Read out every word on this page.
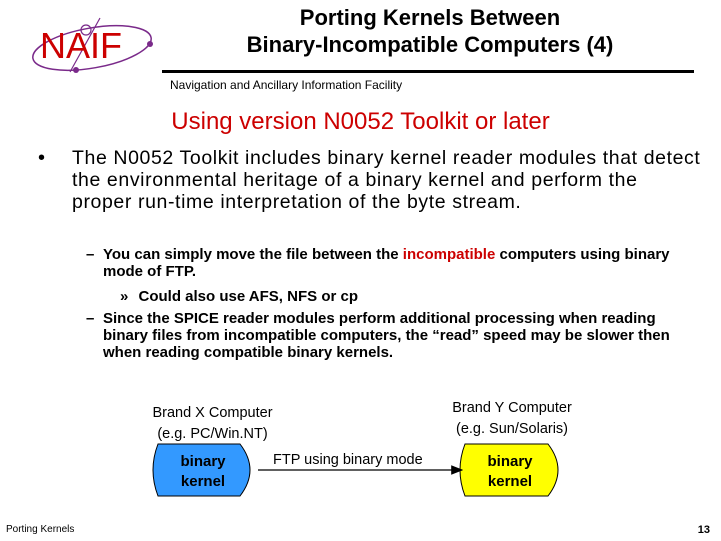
NAIF
Porting Kernels Between
Binary-Incompatible Computers (4)
Navigation and Ancillary Information Facility
Using version N0052 Toolkit or later
• The N0052 Toolkit includes binary kernel reader modules that detect the environmental heritage of a binary kernel and perform the proper run-time interpretation of the byte stream.
– You can simply move the file between the incompatible computers using binary mode of FTP.
» Could also use AFS, NFS or cp
– Since the SPICE reader modules perform additional processing when reading binary files from incompatible computers, the “read” speed may be slower then when reading compatible binary kernels.
Brand X Computer
(e.g. PC/Win.NT)
Brand Y Computer
(e.g. Sun/Solaris)
FTP using binary mode
binary
kernel
binary
kernel
Porting Kernels	13
